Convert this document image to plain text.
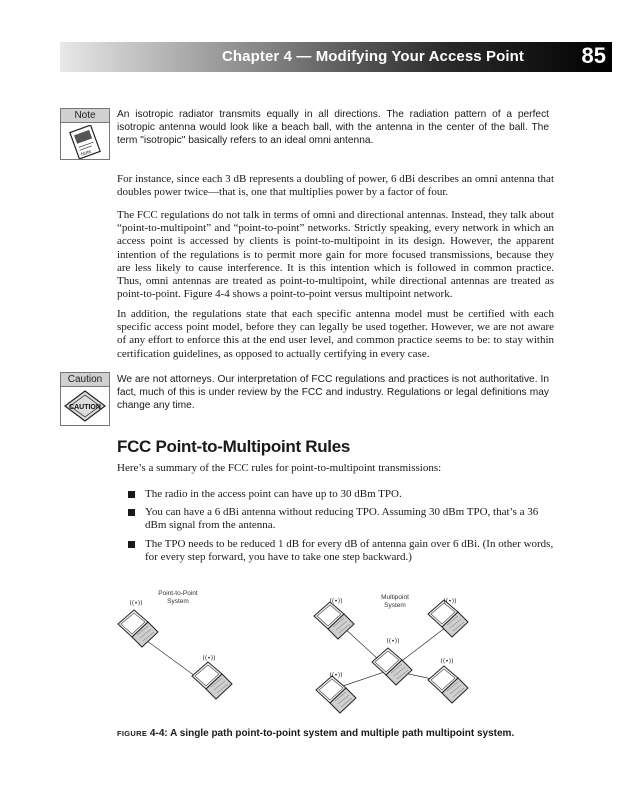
Chapter 4 — Modifying Your Access Point	85
Note
Note

An isotropic radiator transmits equally in all directions. The radiation pattern of a perfect isotropic antenna would look like a beach ball, with the antenna in the center of the ball. The term "isotropic" basically refers to an ideal omni antenna.

For instance, since each 3 dB represents a doubling of power, 6 dBi describes an omni antenna that doubles power twice—that is, one that multiplies power by a factor of four.

The FCC regulations do not talk in terms of omni and directional antennas. Instead, they talk about “point-to-multipoint” and “point-to-point” networks. Strictly speaking, every network in which an access point is accessed by clients is point-to-multipoint in its design. However, the apparent intention of the regulations is to permit more gain for more focused transmissions, because they are less likely to cause interference. It is this intention which is followed in common practice. Thus, omni antennas are treated as point-to-multipoint, while directional antennas are treated as point-to-point. Figure 4-4 shows a point-to-point versus multipoint network.

In addition, the regulations state that each specific antenna model must be certified with each specific access point model, before they can legally be used together. However, we are not aware of any effort to enforce this at the end user level, and common practice seems to be: to stay within certification guidelines, as opposed to actually certifying in every case.

Caution
CAUTION

We are not attorneys. Our interpretation of FCC regulations and practices is not authoritative. In fact, much of this is under review by the FCC and industry. Regulations or legal definitions may change any time.

FCC Point-to-Multipoint Rules

Here’s a summary of the FCC rules for point-to-multipoint transmissions:

The radio in the access point can have up to 30 dBm TPO.
You can have a 6 dBi antenna without reducing TPO. Assuming 30 dBm TPO, that’s a 36 dBm signal from the antenna.
The TPO needs to be reduced 1 dB for every dB of antenna gain over 6 dBi. (In other words, for every step forward, you have to take one step backward.)
Point-to-Point
System
((•))
((•))
Multipoint
System
((•))	((•))
((•))
((•))
((•))

FIGURE 4-4: A single path point-to-point system and multiple path multipoint system.
